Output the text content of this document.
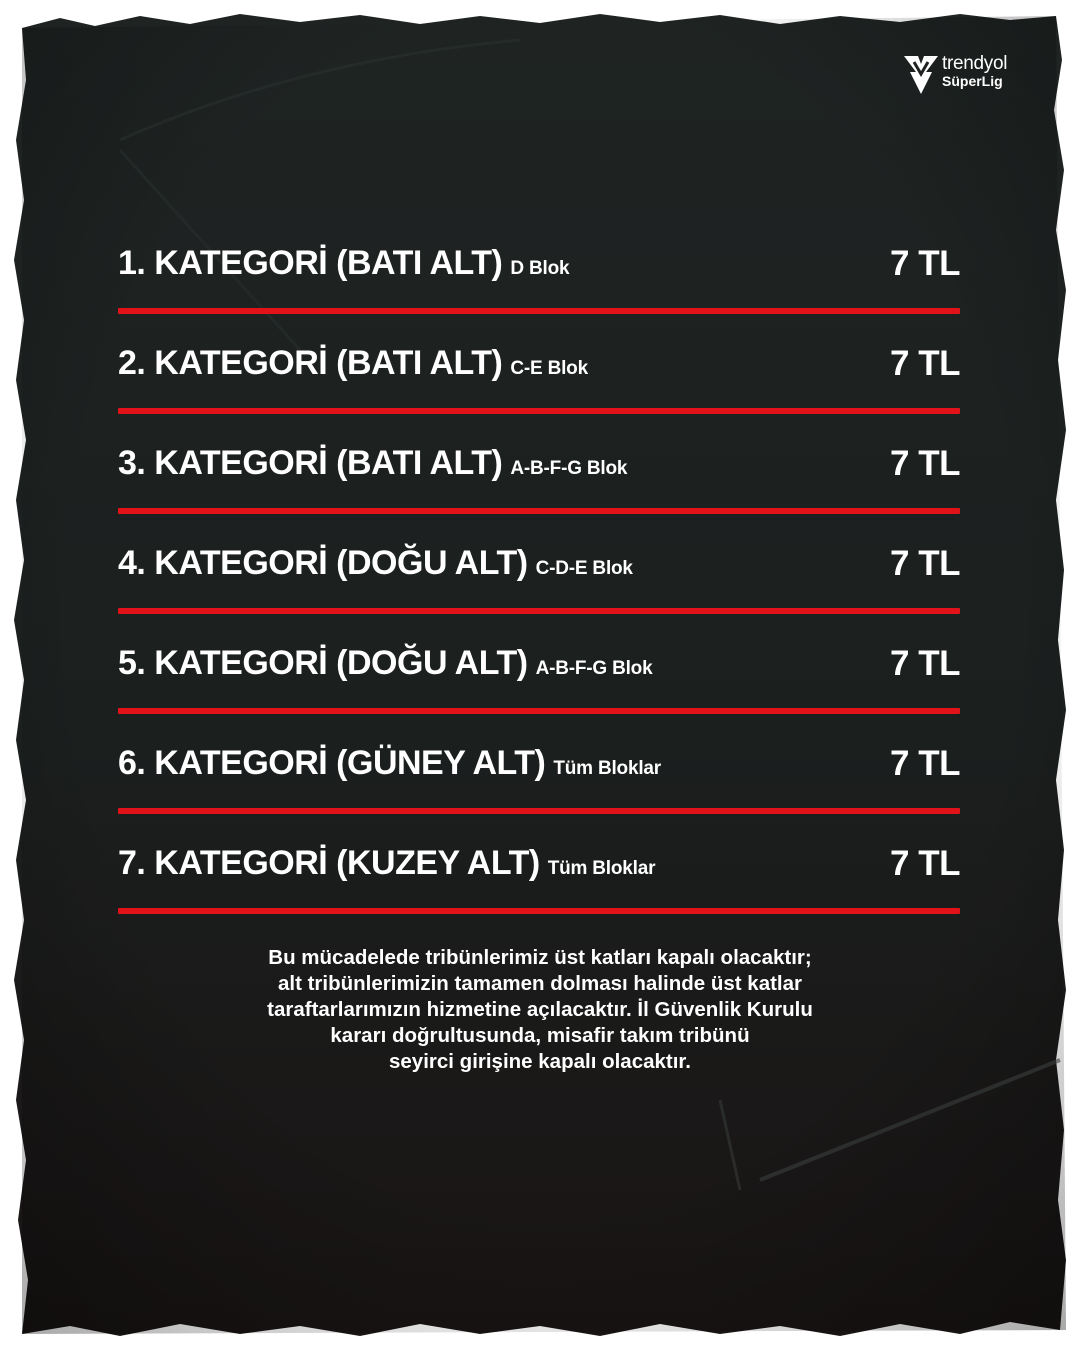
trendyol
SüperLig
1. KATEGORİ (BATI ALT) D Blok	7 TL
2. KATEGORİ (BATI ALT) C-E Blok	7 TL
3. KATEGORİ (BATI ALT) A-B-F-G Blok	7 TL
4. KATEGORİ (DOĞU ALT) C-D-E Blok	7 TL
5. KATEGORİ (DOĞU ALT) A-B-F-G Blok	7 TL
6. KATEGORİ (GÜNEY ALT) Tüm Bloklar	7 TL
7. KATEGORİ (KUZEY ALT) Tüm Bloklar	7 TL
Bu mücadelede tribünlerimiz üst katları kapalı olacaktır;
alt tribünlerimizin tamamen dolması halinde üst katlar
taraftarlarımızın hizmetine açılacaktır. İl Güvenlik Kurulu
kararı doğrultusunda, misafir takım tribünü
seyirci girişine kapalı olacaktır.
